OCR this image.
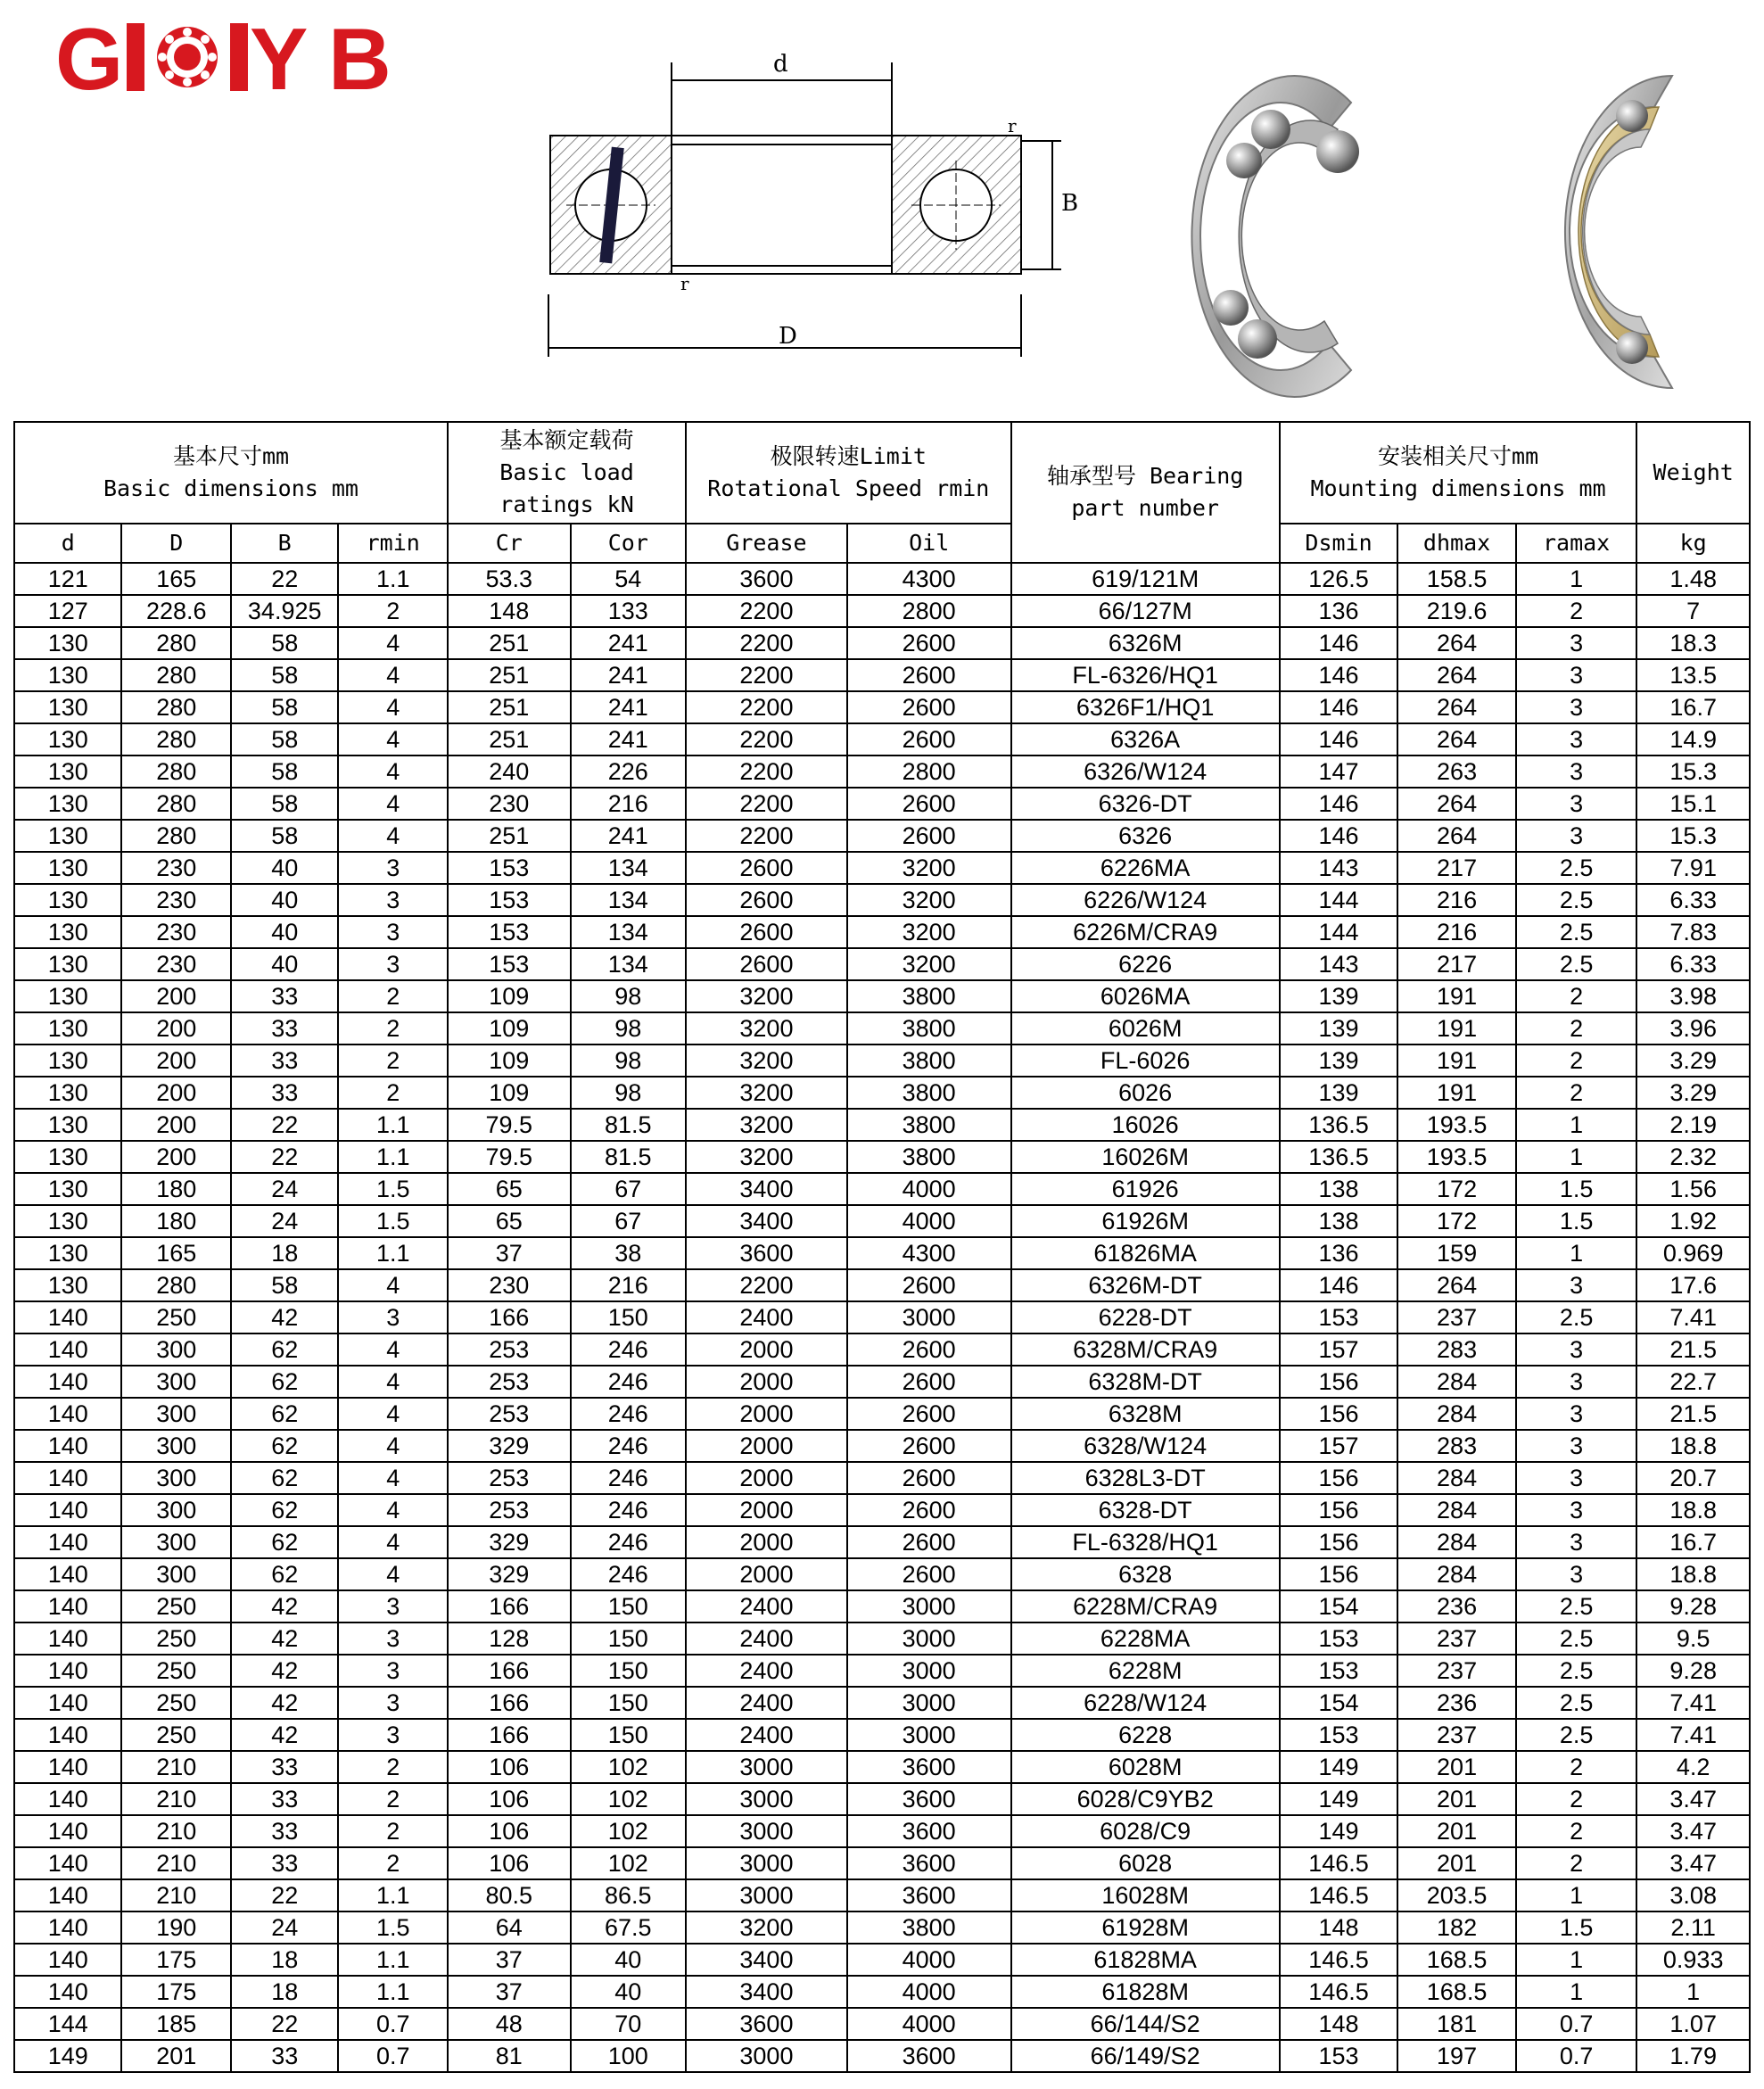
G Y B	d
D
B
r
r
基本尺寸mm
Basic dimensions mm				基本额定载荷
Basic load
ratings kN		极限转速Limit
Rotational Speed rmin		轴承型号 Bearing
part number	安装相关尺寸mm
Mounting dimensions mm			Weight

d	D	B	rmin	Cr	Cor	Grease	Oil		Dsmin	dhmax	ramax	kg
121	165	22	1.1	53.3	54	3600	4300	619/121M	126.5	158.5	1	1.48
127	228.6	34.925	2	148	133	2200	2800	66/127M	136	219.6	2	7
130	280	58	4	251	241	2200	2600	6326M	146	264	3	18.3
130	280	58	4	251	241	2200	2600	FL-6326/HQ1	146	264	3	13.5
130	280	58	4	251	241	2200	2600	6326F1/HQ1	146	264	3	16.7
130	280	58	4	251	241	2200	2600	6326A	146	264	3	14.9
130	280	58	4	240	226	2200	2800	6326/W124	147	263	3	15.3
130	280	58	4	230	216	2200	2600	6326-DT	146	264	3	15.1
130	280	58	4	251	241	2200	2600	6326	146	264	3	15.3
130	230	40	3	153	134	2600	3200	6226MA	143	217	2.5	7.91
130	230	40	3	153	134	2600	3200	6226/W124	144	216	2.5	6.33
130	230	40	3	153	134	2600	3200	6226M/CRA9	144	216	2.5	7.83
130	230	40	3	153	134	2600	3200	6226	143	217	2.5	6.33
130	200	33	2	109	98	3200	3800	6026MA	139	191	2	3.98
130	200	33	2	109	98	3200	3800	6026M	139	191	2	3.96
130	200	33	2	109	98	3200	3800	FL-6026	139	191	2	3.29
130	200	33	2	109	98	3200	3800	6026	139	191	2	3.29
130	200	22	1.1	79.5	81.5	3200	3800	16026	136.5	193.5	1	2.19
130	200	22	1.1	79.5	81.5	3200	3800	16026M	136.5	193.5	1	2.32
130	180	24	1.5	65	67	3400	4000	61926	138	172	1.5	1.56
130	180	24	1.5	65	67	3400	4000	61926M	138	172	1.5	1.92
130	165	18	1.1	37	38	3600	4300	61826MA	136	159	1	0.969
130	280	58	4	230	216	2200	2600	6326M-DT	146	264	3	17.6
140	250	42	3	166	150	2400	3000	6228-DT	153	237	2.5	7.41
140	300	62	4	253	246	2000	2600	6328M/CRA9	157	283	3	21.5
140	300	62	4	253	246	2000	2600	6328M-DT	156	284	3	22.7
140	300	62	4	253	246	2000	2600	6328M	156	284	3	21.5
140	300	62	4	329	246	2000	2600	6328/W124	157	283	3	18.8
140	300	62	4	253	246	2000	2600	6328L3-DT	156	284	3	20.7
140	300	62	4	253	246	2000	2600	6328-DT	156	284	3	18.8
140	300	62	4	329	246	2000	2600	FL-6328/HQ1	156	284	3	16.7
140	300	62	4	329	246	2000	2600	6328	156	284	3	18.8
140	250	42	3	166	150	2400	3000	6228M/CRA9	154	236	2.5	9.28
140	250	42	3	128	150	2400	3000	6228MA	153	237	2.5	9.5
140	250	42	3	166	150	2400	3000	6228M	153	237	2.5	9.28
140	250	42	3	166	150	2400	3000	6228/W124	154	236	2.5	7.41
140	250	42	3	166	150	2400	3000	6228	153	237	2.5	7.41
140	210	33	2	106	102	3000	3600	6028M	149	201	2	4.2
140	210	33	2	106	102	3000	3600	6028/C9YB2	149	201	2	3.47
140	210	33	2	106	102	3000	3600	6028/C9	149	201	2	3.47
140	210	33	2	106	102	3000	3600	6028	146.5	201	2	3.47
140	210	22	1.1	80.5	86.5	3000	3600	16028M	146.5	203.5	1	3.08
140	190	24	1.5	64	67.5	3200	3800	61928M	148	182	1.5	2.11
140	175	18	1.1	37	40	3400	4000	61828MA	146.5	168.5	1	0.933
140	175	18	1.1	37	40	3400	4000	61828M	146.5	168.5	1	1
144	185	22	0.7	48	70	3600	4000	66/144/S2	148	181	0.7	1.07
149	201	33	0.7	81	100	3000	3600	66/149/S2	153	197	0.7	1.79
